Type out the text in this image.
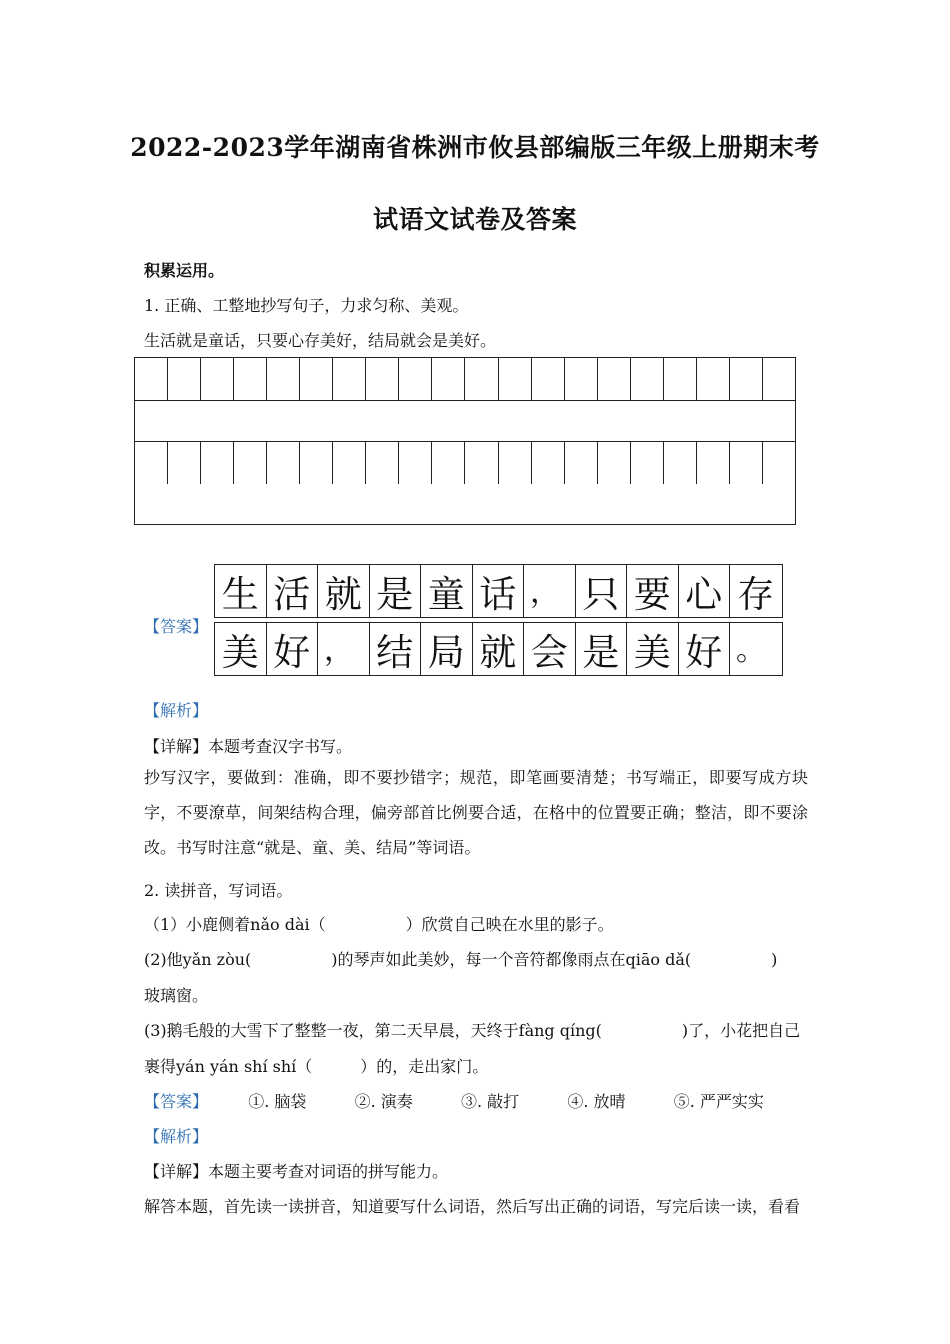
2022-2023学年湖南省株洲市攸县部编版三年级上册期末考
试语文试卷及答案
积累运用。
1. 正确、工整地抄写句子，力求匀称、美观。
生活就是童话，只要心存美好，结局就会是美好。
【答案】
生 活 就 是 童 话 ， 只 要 心 存
美 好 ， 结 局 就 会 是 美 好 。
【解析】
【详解】本题考查汉字书写。
抄写汉字，要做到：准确，即不要抄错字；规范，即笔画要清楚；书写端正，即要写成方块字，不要潦草，间架结构合理，偏旁部首比例要合适，在格中的位置要正确；整洁，即不要涂改。书写时注意“就是、童、美、结局”等词语。
2. 读拼音，写词语。
（1）小鹿侧着nǎo dài（　　　　　）欣赏自己映在水里的影子。
(2)他yǎn zòu(　　　　　)的琴声如此美妙，每一个音符都像雨点在qiāo dǎ(　　　　　)
玻璃窗。
(3)鹅毛般的大雪下了整整一夜，第二天早晨，天终于fàng qíng(　　　　　)了，小花把自己
裹得yán yán shí shí（　　　）的，走出家门。
【答案】	①. 脑袋	②. 演奏	③. 敲打	④. 放晴	⑤. 严严实实
【解析】
【详解】本题主要考查对词语的拼写能力。
解答本题，首先读一读拼音，知道要写什么词语，然后写出正确的词语，写完后读一读，看看
